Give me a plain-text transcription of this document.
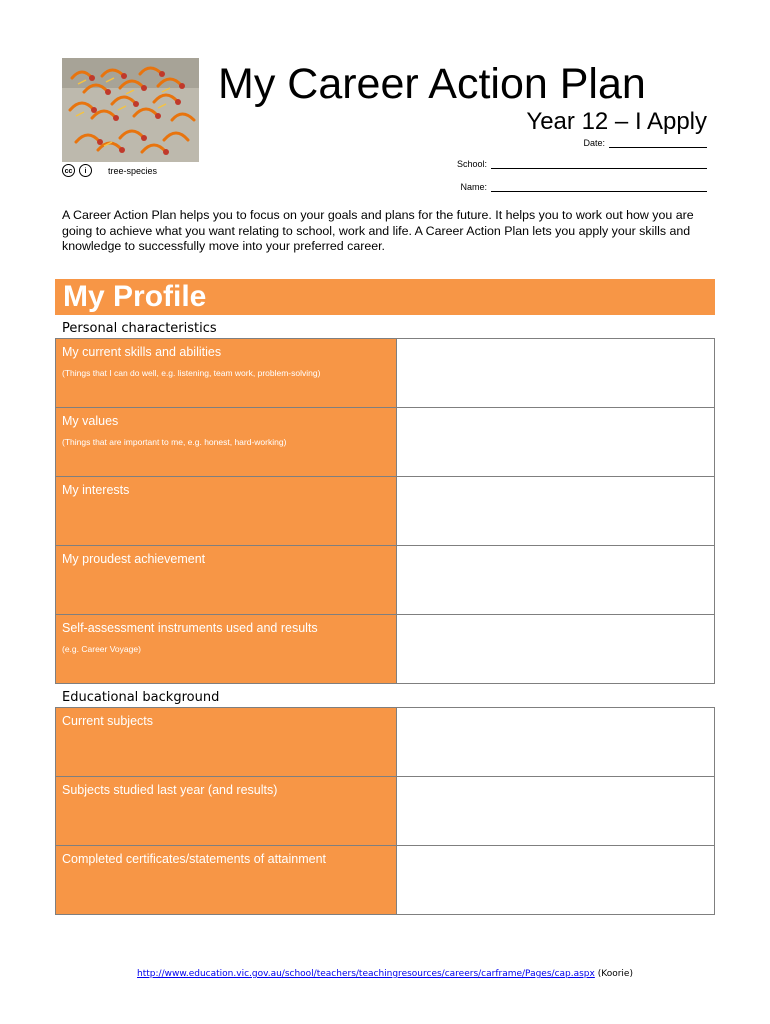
cc	i	tree-species
My Career Action Plan
Year 12 – I Apply
Date:
School:
Name:
A Career Action Plan helps you to focus on your goals and plans for the future. It helps you to work out how you are going to achieve what you want relating to school, work and life. A Career Action Plan lets you apply your skills and knowledge to successfully move into your preferred career.
My Profile
Personal characteristics
My current skills and abilities
(Things that I can do well, e.g. listening, team work, problem-solving)	

My values
(Things that are important to me, e.g. honest, hard-working)	

My interests	

My proudest achievement	

Self-assessment instruments used and results
(e.g. Career Voyage)	

Educational background
Current subjects	

Subjects studied last year (and results)	

Completed certificates/statements of attainment	

http://www.education.vic.gov.au/school/teachers/teachingresources/careers/carframe/Pages/cap.aspx (Koorie)
